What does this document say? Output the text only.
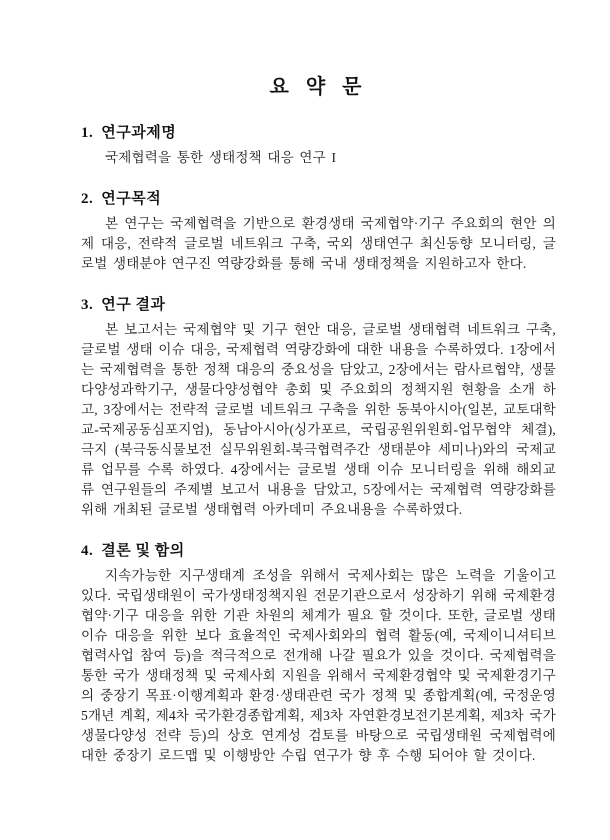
요 약 문
1. 연구과제명

국제협력을 통한 생태정책 대응 연구 I

2. 연구목적

본 연구는 국제협력을 기반으로 환경생태 국제협약·기구 주요회의 현안 의제 대응, 전략적 글로벌 네트워크 구축, 국외 생태연구 최신동향 모니터링, 글로벌 생태분야 연구진 역량강화를 통해 국내 생태정책을 지원하고자 한다.

3. 연구 결과

본 보고서는 국제협약 및 기구 현안 대응, 글로벌 생태협력 네트워크 구축, 글로벌 생태 이슈 대응, 국제협력 역량강화에 대한 내용을 수록하였다. 1장에서는 국제협력을 통한 정책 대응의 중요성을 담았고, 2장에서는 람사르협약, 생물다양성과학기구, 생물다양성협약 총회 및 주요회의 정책지원 현황을 소개 하고, 3장에서는 전략적 글로벌 네트워크 구축을 위한 동북아시아(일본, 교토대학교-국제공동심포지엄), 동남아시아(싱가포르, 국립공원위원회-업무협약 체결), 극지 (북극동식물보전 실무위원회-북극협력주간 생태분야 세미나)와의 국제교류 업무를 수록 하였다. 4장에서는 글로벌 생태 이슈 모니터링을 위해 해외교류 연구원들의 주제별 보고서 내용을 담았고, 5장에서는 국제협력 역량강화를 위해 개최된 글로벌 생태협력 아카데미 주요내용을 수록하였다.

4. 결론 및 함의

지속가능한 지구생태계 조성을 위해서 국제사회는 많은 노력을 기울이고 있다. 국립생태원이 국가생태정책지원 전문기관으로서 성장하기 위해 국제환경협약·기구 대응을 위한 기관 차원의 체계가 필요 할 것이다. 또한, 글로벌 생태 이슈 대응을 위한 보다 효율적인 국제사회와의 협력 활동(예, 국제이니셔티브 협력사업 참여 등)을 적극적으로 전개해 나갈 필요가 있을 것이다. 국제협력을 통한 국가 생태정책 및 국제사회 지원을 위해서 국제환경협약 및 국제환경기구의 중장기 목표·이행계획과 환경·생태관련 국가 정책 및 종합계획(예, 국정운영 5개년 계획, 제4차 국가환경종합계획, 제3차 자연환경보전기본계획, 제3차 국가생물다양성 전략 등)의 상호 연계성 검토를 바탕으로 국립생태원 국제협력에 대한 중장기 로드맵 및 이행방안 수립 연구가 향 후 수행 되어야 할 것이다.
